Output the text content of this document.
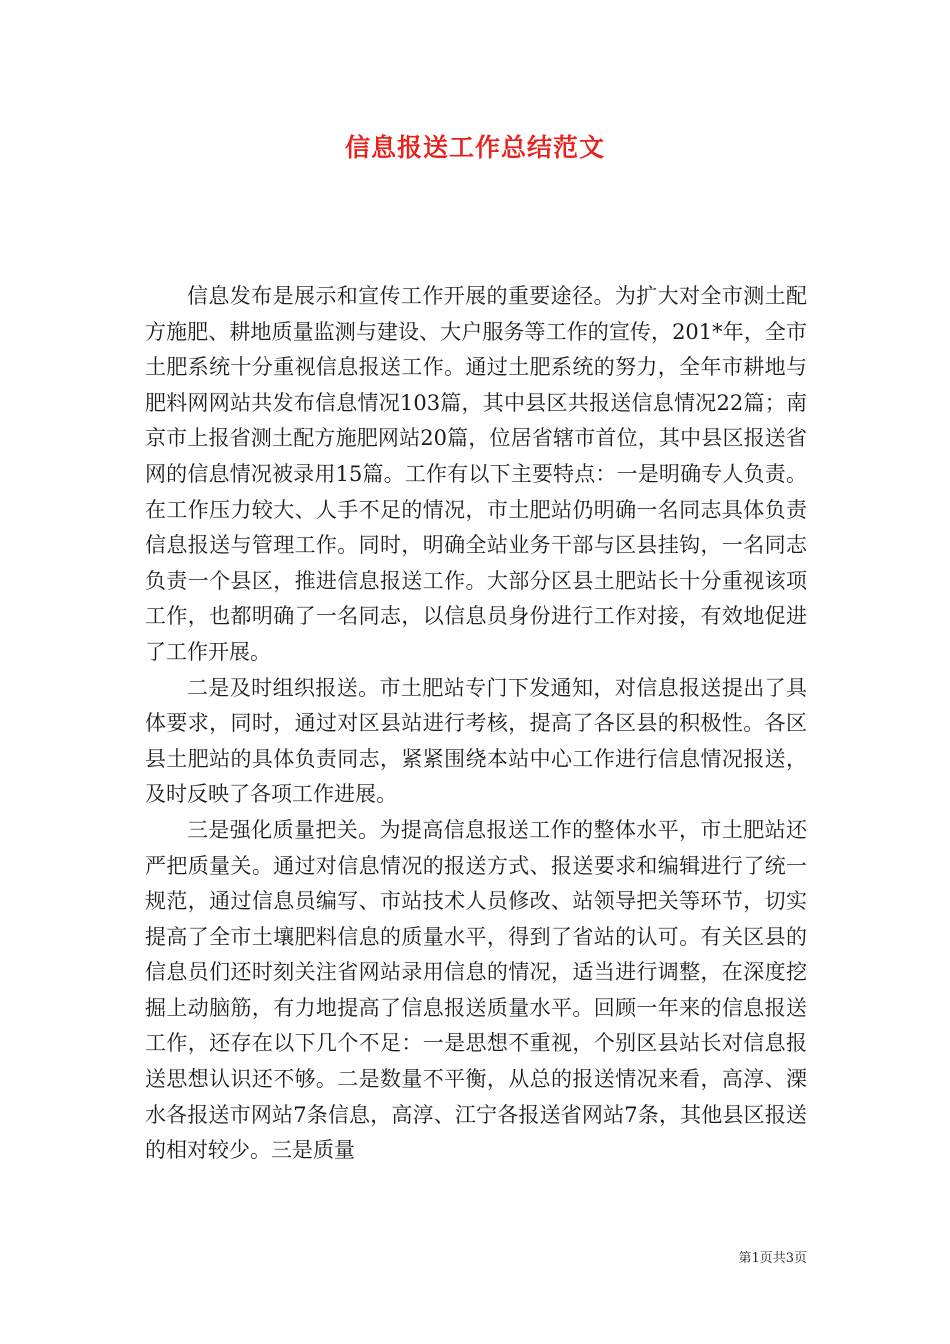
信息报送工作总结范文

信息发布是展示和宣传工作开展的重要途径。为扩大对全市测土配方施肥、耕地质量监测与建设、大户服务等工作的宣传，201*年，全市土肥系统十分重视信息报送工作。通过土肥系统的努力，全年市耕地与肥料网网站共发布信息情况103篇，其中县区共报送信息情况22篇；南京市上报省测土配方施肥网站20篇，位居省辖市首位，其中县区报送省网的信息情况被录用15篇。工作有以下主要特点：一是明确专人负责。在工作压力较大、人手不足的情况，市土肥站仍明确一名同志具体负责信息报送与管理工作。同时，明确全站业务干部与区县挂钩，一名同志负责一个县区，推进信息报送工作。大部分区县土肥站长十分重视该项工作，也都明确了一名同志，以信息员身份进行工作对接，有效地促进了工作开展。

二是及时组织报送。市土肥站专门下发通知，对信息报送提出了具体要求，同时，通过对区县站进行考核，提高了各区县的积极性。各区县土肥站的具体负责同志，紧紧围绕本站中心工作进行信息情况报送，及时反映了各项工作进展。

三是强化质量把关。为提高信息报送工作的整体水平，市土肥站还严把质量关。通过对信息情况的报送方式、报送要求和编辑进行了统一规范，通过信息员编写、市站技术人员修改、站领导把关等环节，切实提高了全市土壤肥料信息的质量水平，得到了省站的认可。有关区县的信息员们还时刻关注省网站录用信息的情况，适当进行调整，在深度挖掘上动脑筋，有力地提高了信息报送质量水平。回顾一年来的信息报送工作，还存在以下几个不足：一是思想不重视，个别区县站长对信息报送思想认识还不够。二是数量不平衡，从总的报送情况来看，高淳、溧水各报送市网站7条信息，高淳、江宁各报送省网站7条，其他县区报送的相对较少。三是质量

第1页共3页
